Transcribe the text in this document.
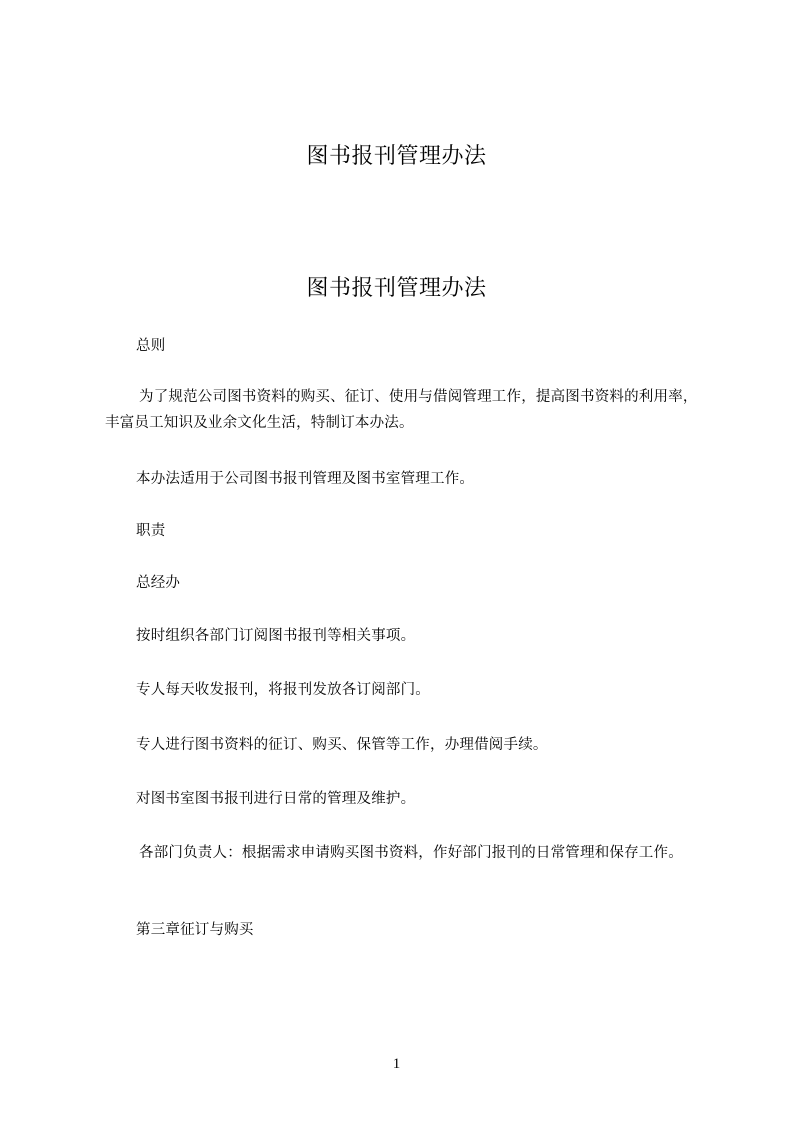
图书报刊管理办法
图书报刊管理办法

总则

为了规范公司图书资料的购买、征订、使用与借阅管理工作，提高图书资料的利用率，丰富员工知识及业余文化生活，特制订本办法。

本办法适用于公司图书报刊管理及图书室管理工作。

职责

总经办

按时组织各部门订阅图书报刊等相关事项。

专人每天收发报刊，将报刊发放各订阅部门。

专人进行图书资料的征订、购买、保管等工作，办理借阅手续。

对图书室图书报刊进行日常的管理及维护。

各部门负责人：根据需求申请购买图书资料，作好部门报刊的日常管理和保存工作。

第三章征订与购买

1
